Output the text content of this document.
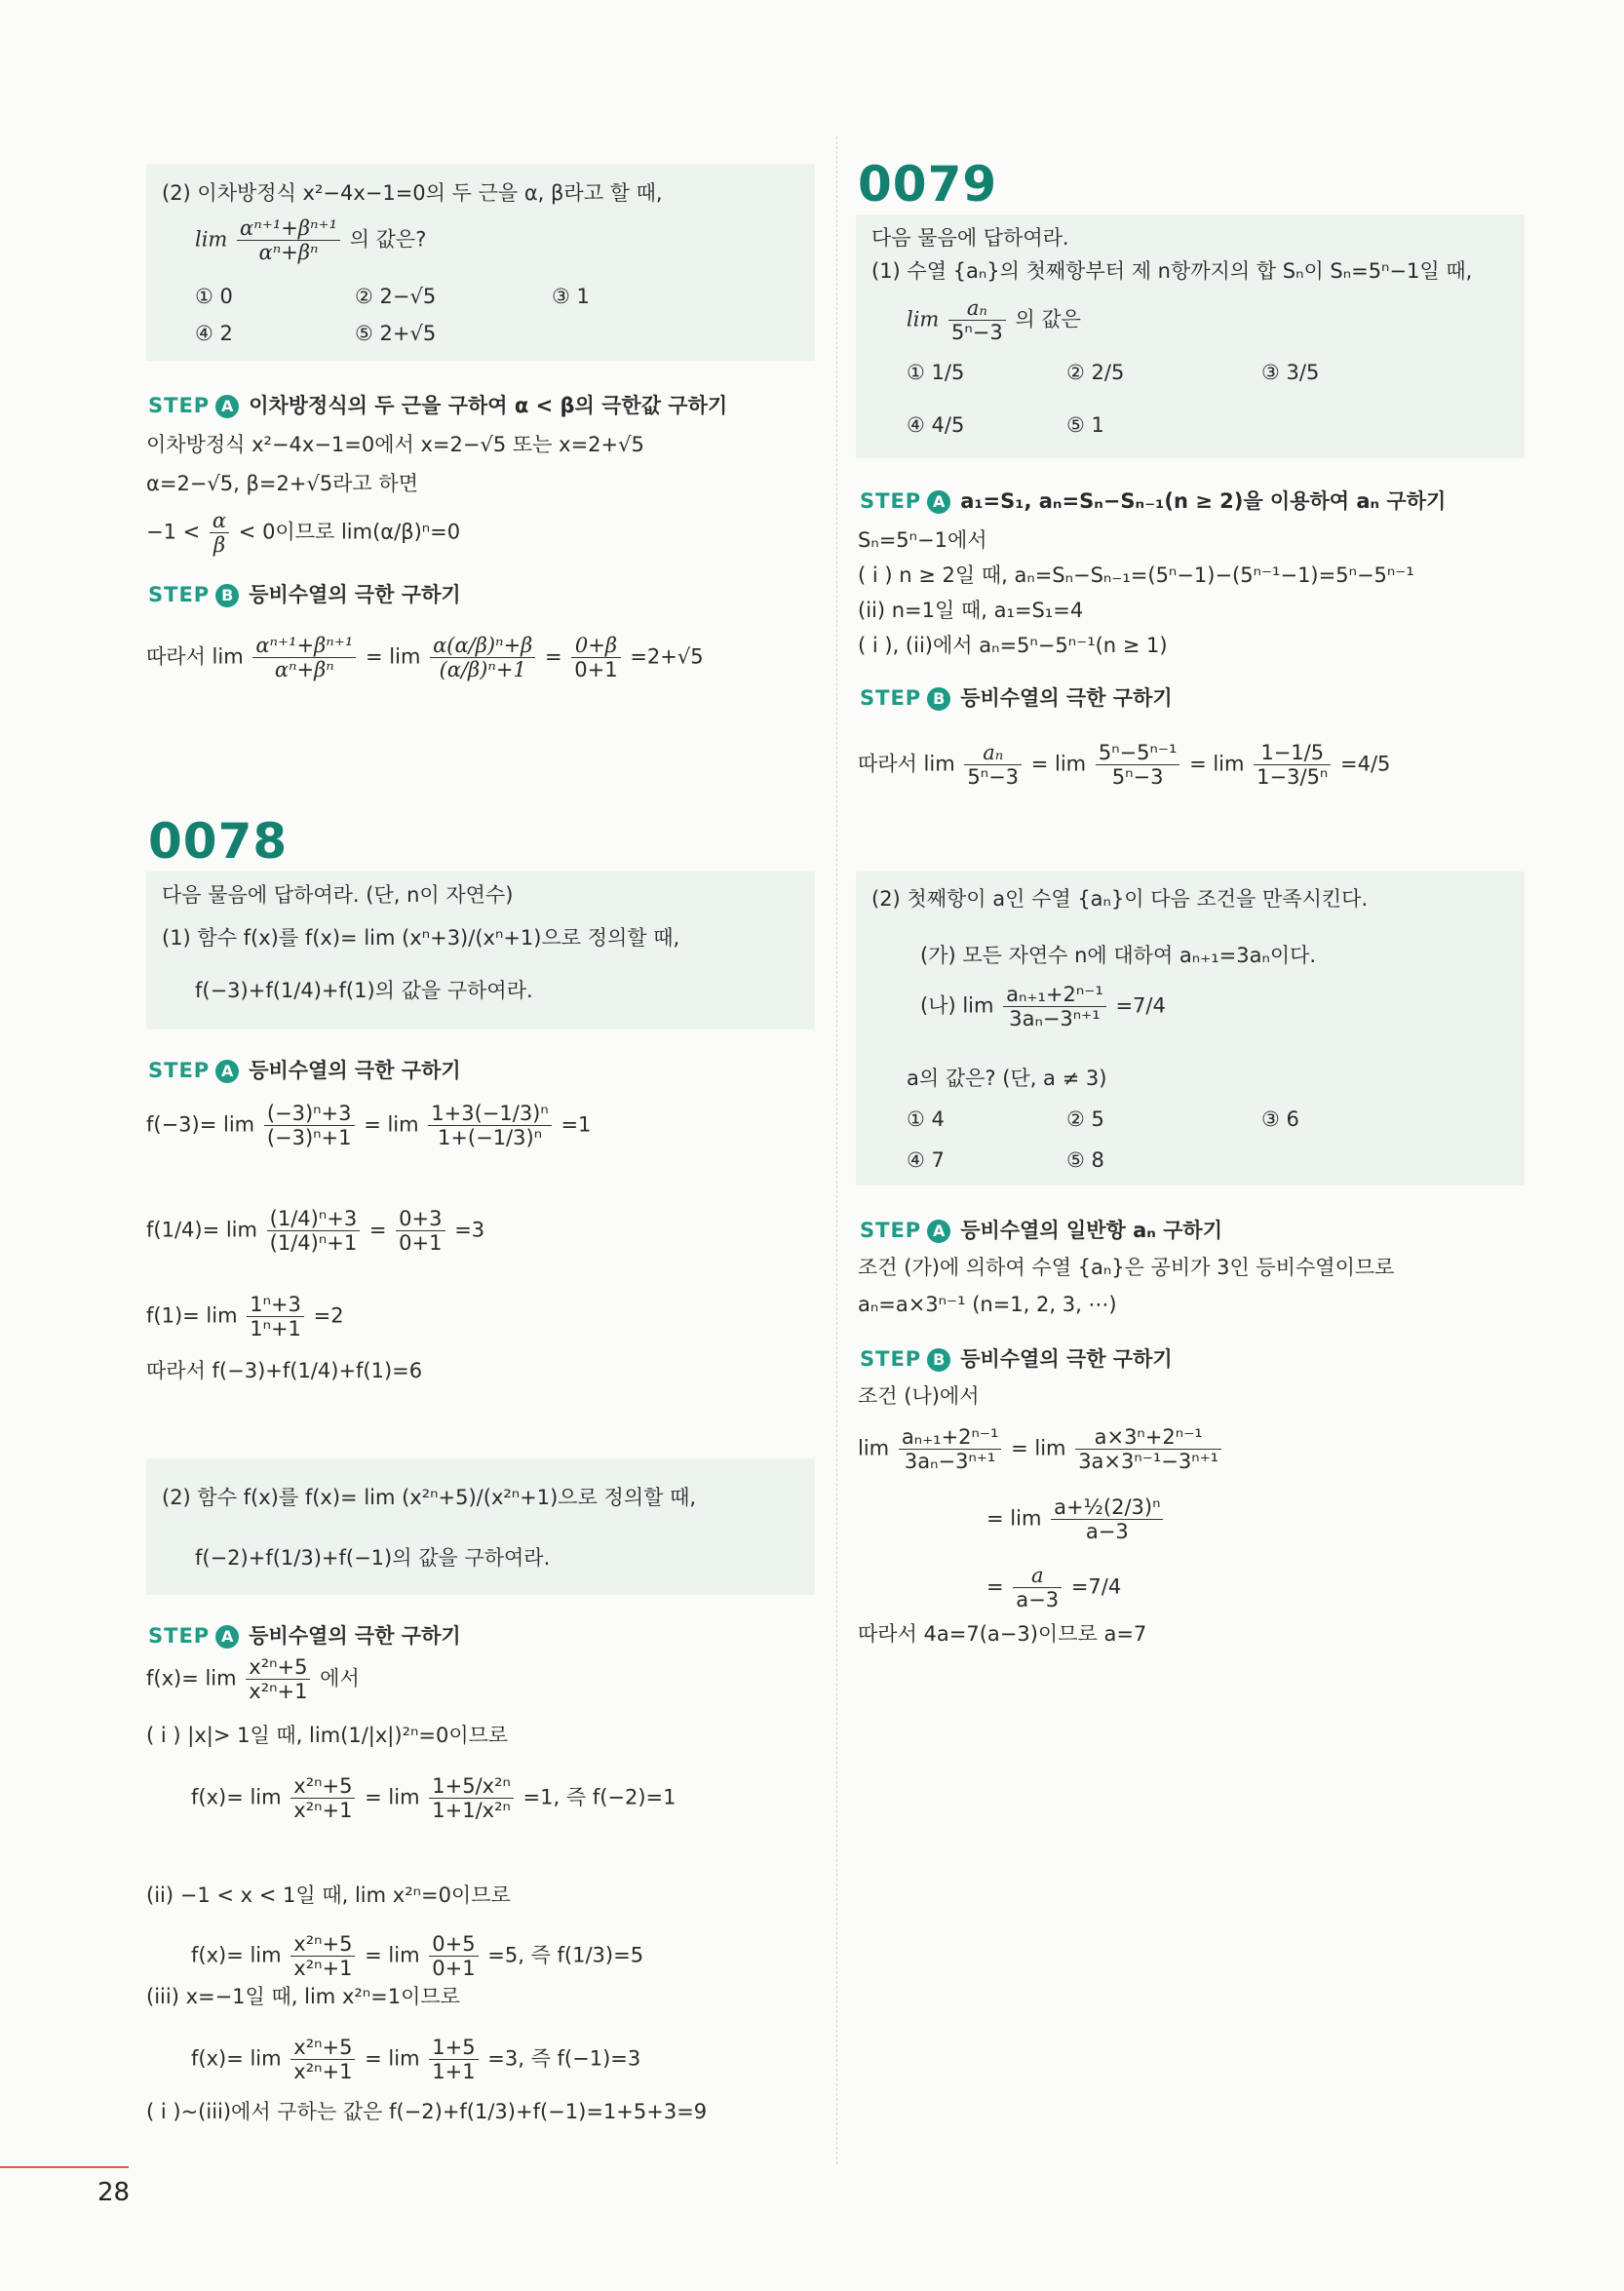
(2) 이차방정식 x²−4x−1=0의 두 근을 α, β라고 할 때,
$\lim \frac{\text{αⁿ⁺¹+βⁿ⁺¹}}{\text{αⁿ+βⁿ}}$ 의 값은?
① 0	② 2−√5	③ 1
④ 2	⑤ 2+√5
STEP A 이차방정식의 두 근을 구하여 α < β의 극한값 구하기
이차방정식 x²−4x−1=0에서 x=2−√5 또는 x=2+√5
α=2−√5, β=2+√5라고 하면
$-1 < \frac{\alpha}{\beta} < 0$이므로 lim(α/β)ⁿ=0
STEP B 등비수열의 극한 구하기
따라서 $\lim \frac{\text{αⁿ⁺¹+βⁿ⁺¹}}{\text{αⁿ+βⁿ}} = \lim \frac{\text{α(α/β)ⁿ+β}}{\text{(α/β)ⁿ+1}} = \frac{0+\beta}{0+1} =2+√5$
0078
다음 물음에 답하여라. (단, n이 자연수)
(1) 함수 f(x)를 f(x)= lim (xⁿ+3)/(xⁿ+1)으로 정의할 때,
f(−3)+f(1/4)+f(1)의 값을 구하여라.
STEP A 등비수열의 극한 구하기
$f(-3)= \lim \frac{\text{(−3)ⁿ+3}}{\text{(−3)ⁿ+1}} = \lim \frac{\text{1+3(−1/3)ⁿ}}{\text{1+(−1/3)ⁿ}} =1$
$f(1/4)= \lim \frac{\text{(1/4)ⁿ+3}}{\text{(1/4)ⁿ+1}} = \frac{0+3}{0+1} =3$
$f(1)= \lim \frac{\text{1ⁿ+3}}{\text{1ⁿ+1}} =2$
따라서 f(−3)+f(1/4)+f(1)=6
(2) 함수 f(x)를 f(x)= lim (x²ⁿ+5)/(x²ⁿ+1)으로 정의할 때,
f(−2)+f(1/3)+f(−1)의 값을 구하여라.
STEP A 등비수열의 극한 구하기
$f(x)= \lim \frac{\text{x²ⁿ+5}}{\text{x²ⁿ+1}}$ 에서
( i ) |x|> 1일 때, lim(1/|x|)²ⁿ=0이므로
$f(x)= \lim \frac{\text{x²ⁿ+5}}{\text{x²ⁿ+1}} = \lim \frac{\text{1+5/x²ⁿ}}{\text{1+1/x²ⁿ}} =1$, 즉 f(−2)=1
(ii) −1 < x < 1일 때, lim x²ⁿ=0이므로
$f(x)= \lim \frac{\text{x²ⁿ+5}}{\text{x²ⁿ+1}} = \lim \frac{0+5}{0+1} =5$, 즉 f(1/3)=5
(iii) x=−1일 때, lim x²ⁿ=1이므로
$f(x)= \lim \frac{\text{x²ⁿ+5}}{\text{x²ⁿ+1}} = \lim \frac{1+5}{1+1} =3$, 즉 f(−1)=3
( i )~(iii)에서 구하는 값은 f(−2)+f(1/3)+f(−1)=1+5+3=9
0079
다음 물음에 답하여라.
(1) 수열 {aₙ}의 첫째항부터 제 n항까지의 합 Sₙ이 Sₙ=5ⁿ−1일 때,
$\lim \frac{\text{aₙ}}{\text{5ⁿ−3}}$ 의 값은
① 1/5	② 2/5	③ 3/5
④ 4/5	⑤ 1
STEP A a₁=S₁, aₙ=Sₙ−Sₙ₋₁(n ≥ 2)을 이용하여 aₙ 구하기
Sₙ=5ⁿ−1에서
( i ) n ≥ 2일 때, aₙ=Sₙ−Sₙ₋₁=(5ⁿ−1)−(5ⁿ⁻¹−1)=5ⁿ−5ⁿ⁻¹
(ii) n=1일 때, a₁=S₁=4
( i ), (ii)에서 aₙ=5ⁿ−5ⁿ⁻¹(n ≥ 1)
STEP B 등비수열의 극한 구하기
따라서 $\lim \frac{\text{aₙ}}{\text{5ⁿ−3}} = \lim \frac{\text{5ⁿ−5ⁿ⁻¹}}{\text{5ⁿ−3}} = \lim \frac{1-1/5}{\text{1−3/5ⁿ}} =4/5$
(2) 첫째항이 a인 수열 {aₙ}이 다음 조건을 만족시킨다.
(가) 모든 자연수 n에 대하여 aₙ₊₁=3aₙ이다.
(나) $\lim \frac{\text{aₙ₊₁+2ⁿ⁻¹}}{\text{3aₙ−3ⁿ⁺¹}} =7/4$
a의 값은? (단, a ≠ 3)
① 4	② 5	③ 6
④ 7	⑤ 8
STEP A 등비수열의 일반항 aₙ 구하기
조건 (가)에 의하여 수열 {aₙ}은 공비가 3인 등비수열이므로
aₙ=a×3ⁿ⁻¹ (n=1, 2, 3, ⋯)
STEP B 등비수열의 극한 구하기
조건 (나)에서
$\lim \frac{\text{aₙ₊₁+2ⁿ⁻¹}}{\text{3aₙ−3ⁿ⁺¹}} = \lim \frac{\text{a×3ⁿ+2ⁿ⁻¹}}{\text{3a×3ⁿ⁻¹−3ⁿ⁺¹}}$
= $\lim \frac{\text{a+½(2/3)ⁿ}}{a-3}$
= $\frac{a}{a-3} =7/4$
따라서 4a=7(a−3)이므로 a=7
28
